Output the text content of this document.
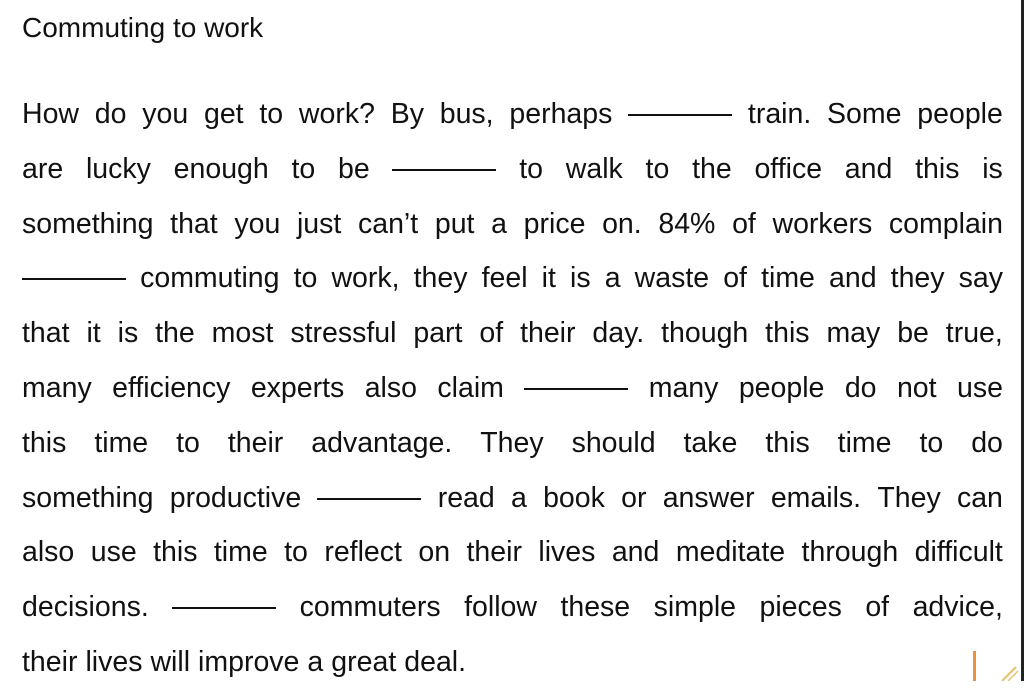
Commuting to work
How do you get to work? By bus, perhaps	train. Some people
are lucky enough to be	to walk to the office and this is
something that you just can’t put a price on. 84% of workers complain
commuting to work, they feel it is a waste of time and they say
that it is the most stressful part of their day. though this may be true,
many efficiency experts also claim	many people do not use
this time to their advantage. They should take this time to do
something productive	read a book or answer emails. They can
also use this time to reflect on their lives and meditate through difficult
decisions.	commuters follow these simple pieces of advice,
their lives will improve a great deal.
